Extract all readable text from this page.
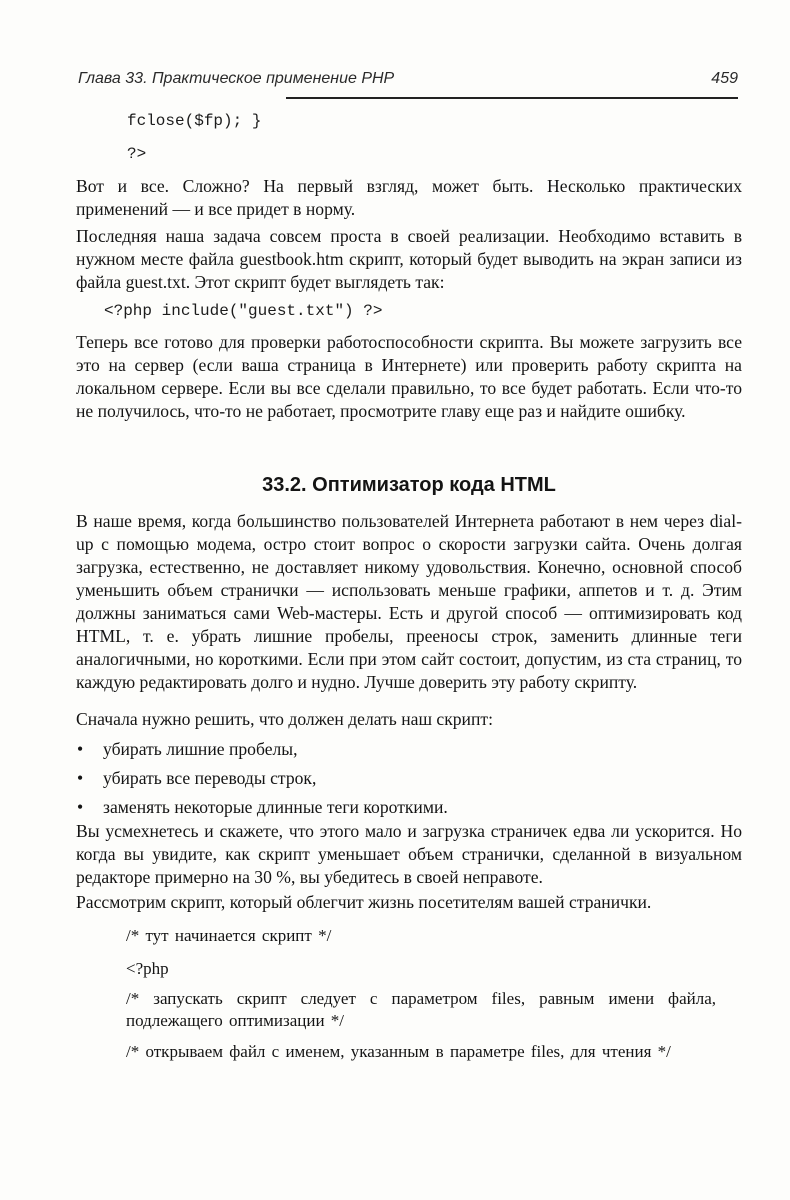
Глава 33. Практическое применение PHP	459
fclose($fp); }
?>

Вот и все. Сложно? На первый взгляд, может быть. Несколько практических применений — и все придет в норму.

Последняя наша задача совсем проста в своей реализации. Необходимо вставить в нужном месте файла guestbook.htm скрипт, который будет выводить на экран записи из файла guest.txt. Этот скрипт будет выглядеть так:

<?php include("guest.txt") ?>

Теперь все готово для проверки работоспособности скрипта. Вы можете загрузить все это на сервер (если ваша страница в Интернете) или проверить работу скрипта на локальном сервере. Если вы все сделали правильно, то все будет работать. Если что-то не получилось, что-то не работает, просмотрите главу еще раз и найдите ошибку.

33.2. Оптимизатор кода HTML

В наше время, когда большинство пользователей Интернета работают в нем через dial-up с помощью модема, остро стоит вопрос о скорости загрузки сайта. Очень долгая загрузка, естественно, не доставляет никому удовольствия. Конечно, основной способ уменьшить объем странички — использовать меньше графики, аппетов и т. д. Этим должны заниматься сами Web-мастеры. Есть и другой способ — оптимизировать код HTML, т. е. убрать лишние пробелы, прееносы строк, заменить длинные теги аналогичными, но короткими. Если при этом сайт состоит, допустим, из ста страниц, то каждую редактировать долго и нудно. Лучше доверить эту работу скрипту.

Сначала нужно решить, что должен делать наш скрипт:

• убирать лишние пробелы,
• убирать все переводы строк,
• заменять некоторые длинные теги короткими.

Вы усмехнетесь и скажете, что этого мало и загрузка страничек едва ли ускорится. Но когда вы увидите, как скрипт уменьшает объем странички, сделанной в визуальном редакторе примерно на 30 %, вы убедитесь в своей неправоте.

Рассмотрим скрипт, который облегчит жизнь посетителям вашей странички.

/* тут начинается скрипт */

<?php

/* запускать скрипт следует с параметром files, равным имени файла, подлежащего оптимизации */

/* открываем файл с именем, указанным в параметре files, для чтения */
